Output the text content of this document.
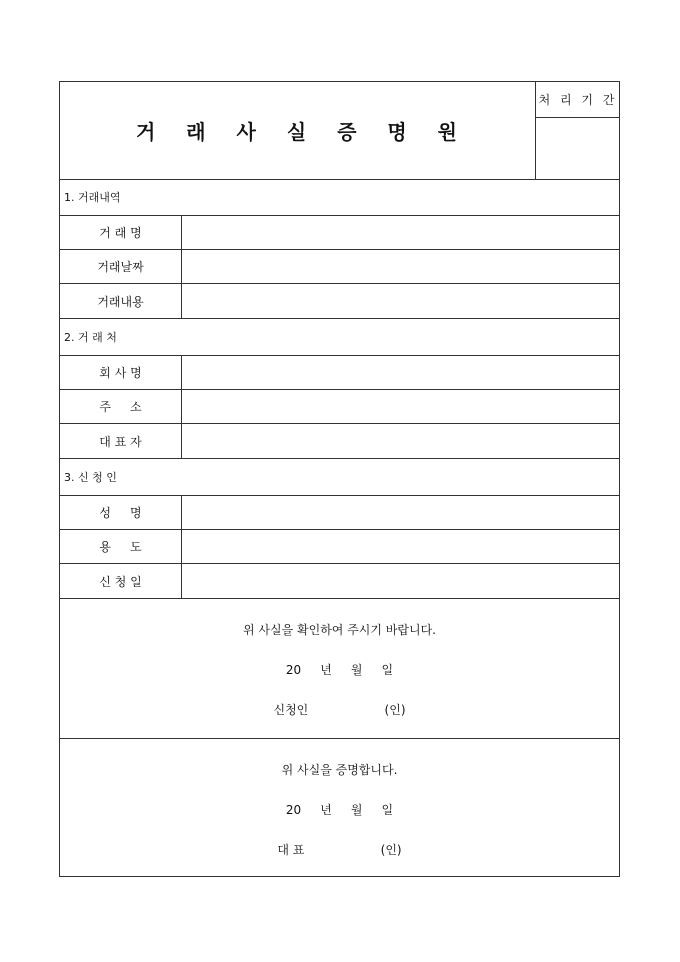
거 래 사 실 증 명 원
처 리 기 간
1. 거래내역
거 래 명
거래날짜
거래내용
2. 거 래 처
회 사 명
주     소
대 표 자
3. 신 청 인
성     명
용     도
신 청 일
위 사실을 확인하여 주시기 바랍니다.
20     년     월     일
신청인                    (인)
위 사실을 증명합니다.
20     년     월     일
대 표                    (인)
